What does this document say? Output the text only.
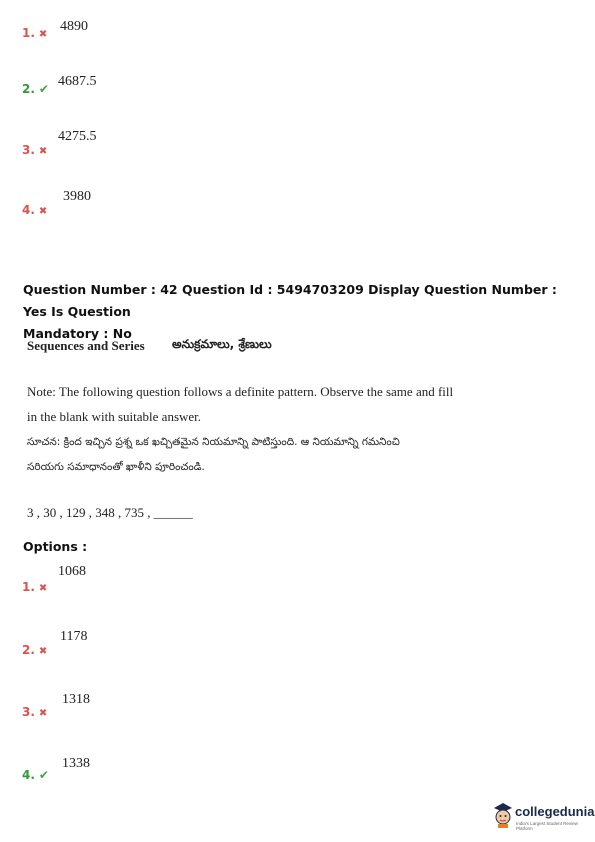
1. ✖
4890
2. ✔ 4687.5
3. ✖
4275.5
4. ✖
3980
Question Number : 42 Question Id : 5494703209 Display Question Number : Yes Is Question
Mandatory : No
Sequences and Series అనుక్రమాలు, శ్రేణులు
Note: The following question follows a definite pattern. Observe the same and fill
in the blank with suitable answer.
సూచన: క్రింద ఇచ్చిన ప్రశ్న ఒక ఖచ్చితమైన నియమాన్ని పాటిస్తుంది. ఆ నియమాన్ని గమనించి
సరియగు సమాధానంతో ఖాళీని పూరించండి.
3 , 30 , 129 , 348 , 735 , ______
Options :
1. ✖
1068
2. ✖
1178
3. ✖
1318
4. ✔
1338
collegedunia
India's Largest Student Review Platform
